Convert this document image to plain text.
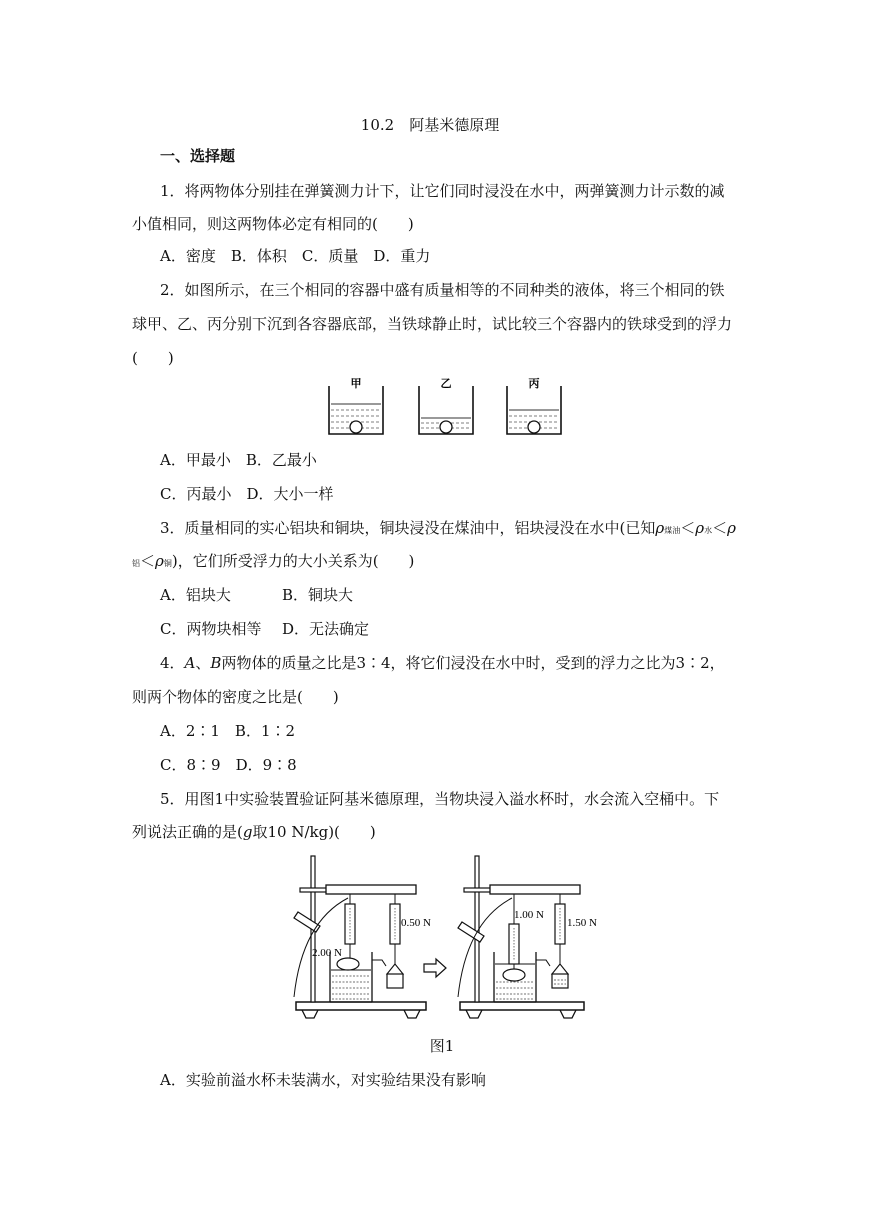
10.2　阿基米德原理
一、选择题
1．将两物体分别挂在弹簧测力计下，让它们同时浸没在水中，两弹簧测力计示数的减
小值相同，则这两物体必定有相同的(　　)
A．密度　B．体积　C．质量　D．重力
2．如图所示，在三个相同的容器中盛有质量相等的不同种类的液体，将三个相同的铁
球甲、乙、丙分别下沉到各容器底部，当铁球静止时，试比较三个容器内的铁球受到的浮力
(　　)
甲	乙	丙
A．甲最小　B．乙最小
C．丙最小　D．大小一样
3．质量相同的实心铝块和铜块，铜块浸没在煤油中，铝块浸没在水中(已知ρ煤油＜ρ水＜ρ
铝＜ρ铜)，它们所受浮力的大小关系为(　　)
A．铝块大	B．铜块大
C．两物块相等 D．无法确定
4．A、B两物体的质量之比是3∶4，将它们浸没在水中时，受到的浮力之比为3∶2，
则两个物体的密度之比是(　　)
A．2∶1　B．1∶2
C．8∶9　D．9∶8
5．用图1中实验装置验证阿基米德原理，当物块浸入溢水杯时，水会流入空桶中。下
列说法正确的是(g取10 N/kg)(　　)
2.00 N
0.50 N
1.00 N
1.50 N
图1
A．实验前溢水杯未装满水，对实验结果没有影响
